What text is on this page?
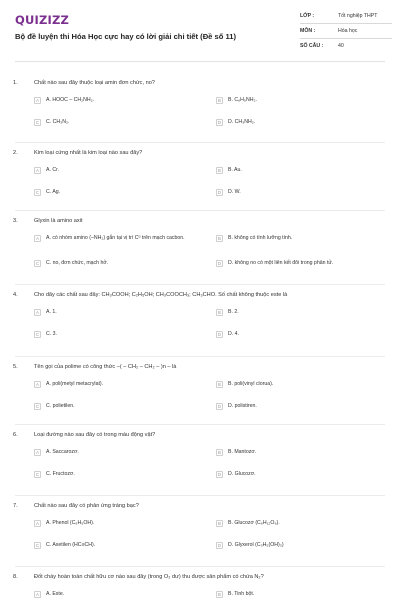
QUIZIZZ
Bộ đề luyện thi Hóa Học cực hay có lời giải chi tiết (Đề số 11)
LỚP :	Tốt nghiệp THPT
MÔN :	Hóa học
SỐ CÂU :	40
1.	Chất nào sau đây thuộc loại amin đơn chức, no?
A	A. HOOC – CH₂NH₂.	B	B. C₆H₅NH₂.
C	C. CH₃N₂.	D	D. CH₃NH₂.
2.	Kim loại cứng nhất là kim loại nào sau đây?
A	A. Cr.	B	B. Au.
C	C. Ag.	D	D. W.
3.	Glyxin là amino axit
A	A. có nhóm amino (–NH₂) gắn tại vị trí Cᵅ trên mạch cacbon.	B	B. không có tính lưỡng tính.
C	C. no, đơn chức, mạch hở.	D	D. không no có một liên kết đôi trong phân tử.
4.	Cho dãy các chất sau đây: CH₃COOH; C₂H₅OH; CH₃COOCH₃; CH₃CHO. Số chất không thuộc este là
A	A. 1.	B	B. 2.
C	C. 3.	D	D. 4.
5.	Tên gọi của polime có công thức –( – CH₂ – CH₂ – )n – là
A	A. poli(metyl metacrylat).	B	B. poli(vinyl clorua).
C	C. polietilen.	D	D. polistiren.
6.	Loại đường nào sau đây có trong máu động vật?
A	A. Saccarozơ.	B	B. Mantozơ.
C	C. Fructozơ.	D	D. Glucozơ.
7.	Chất nào sau đây có phản ứng tráng bạc?
A	A. Phenol (C₆H₅OH).	B	B. Glucozơ (C₆H₁₂O₆).
C	C. Axetilen (HC≡CH).	D	D. Glyxerol (C₃H₅(OH)₃)
8.	Đốt cháy hoàn toàn chất hữu cơ nào sau đây (trong O₂ dư) thu được sản phẩm có chứa N₂?
A	A. Este.	B	B. Tinh bột.
